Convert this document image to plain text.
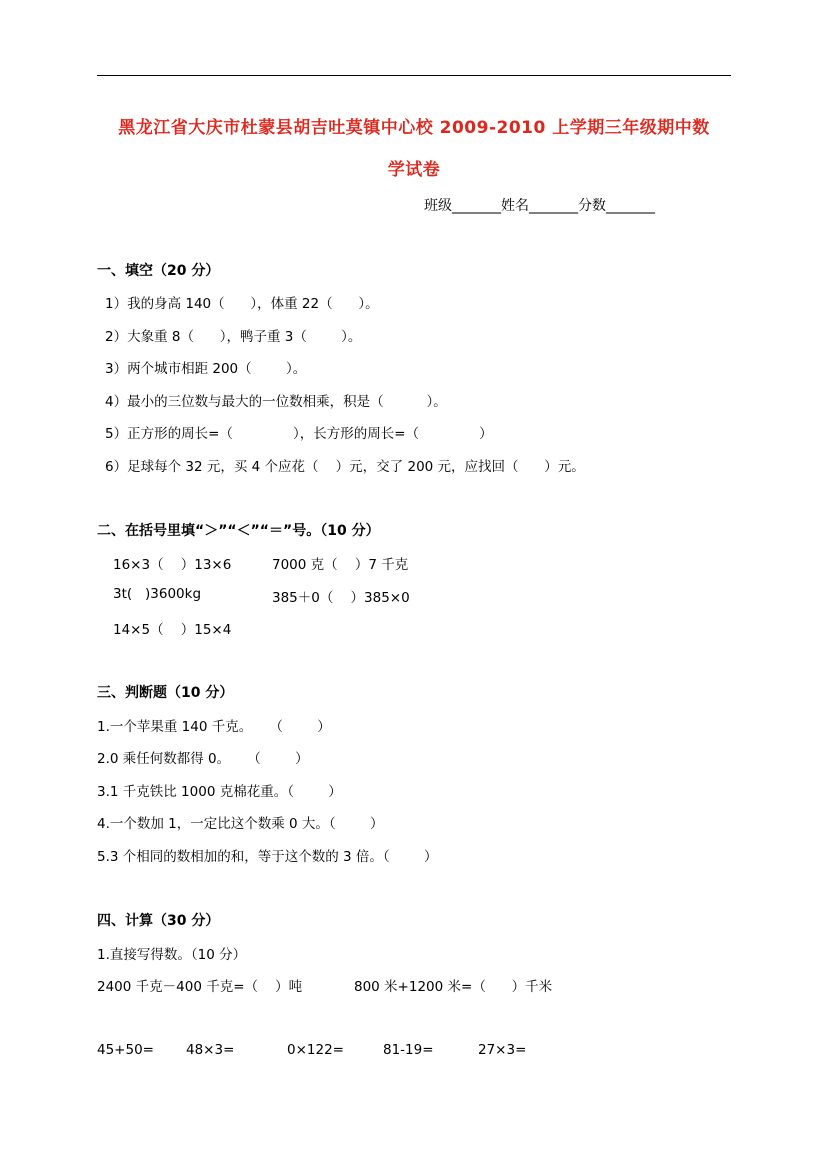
黑龙江省大庆市杜蒙县胡吉吐莫镇中心校 2009-2010 上学期三年级期中数
学试卷
班级_______姓名_______分数_______
一、填空（20 分）
1）我的身高 140（      ），体重 22（      ）。
2）大象重 8（      ），鸭子重 3（        ）。
3）两个城市相距 200（        ）。
4）最小的三位数与最大的一位数相乘，积是（          ）。
5）正方形的周长=（              ），长方形的周长=（              ）
6）足球每个 32 元，买 4 个应花（    ）元，交了 200 元，应找回（      ）元。
二、在括号里填“＞”“＜”“＝”号。（10 分）
16×3（    ）13×6	7000 克（    ）7 千克
3t(   )3600kg	385＋0（    ）385×0
14×5（    ）15×4
三、判断题（10 分）
1.一个苹果重 140 千克。    （        ）
2.0 乘任何数都得 0。    （        ）
3.1 千克铁比 1000 克棉花重。（        ）
4.一个数加 1，一定比这个数乘 0 大。（        ）
5.3 个相同的数相加的和，等于这个数的 3 倍。（        ）
四、计算（30 分）
1.直接写得数。（10 分）
2400 千克－400 千克=（    ）吨	800 米+1200 米=（      ）千米
45+50= 48×3=	0×122=	81-19=	27×3=
